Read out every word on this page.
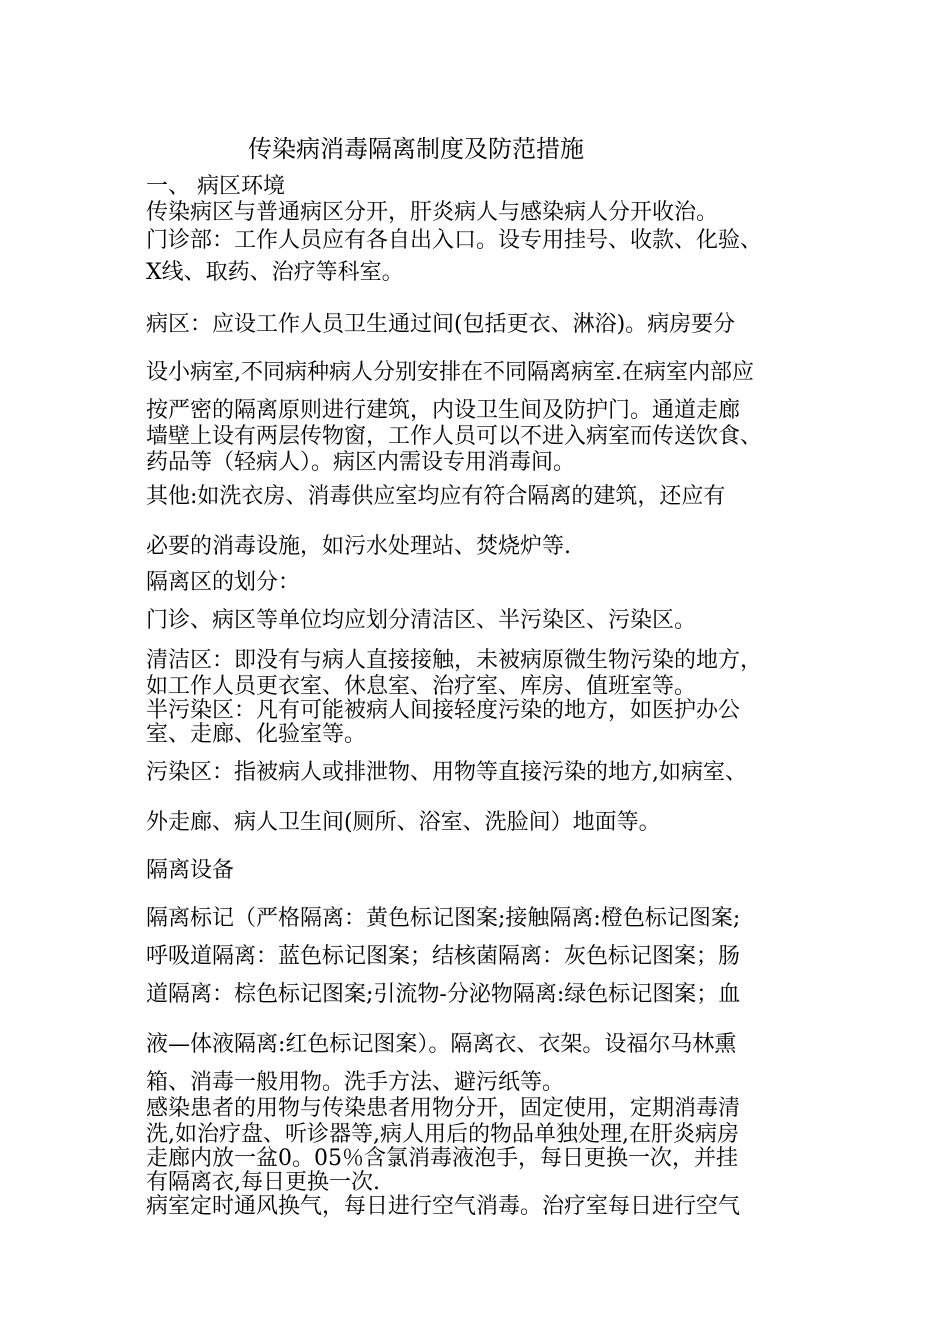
传染病消毒隔离制度及防范措施

一、 病区环境

传染病区与普通病区分开，肝炎病人与感染病人分开收治。

门诊部：工作人员应有各自出入口。设专用挂号、收款、化验、

X线、取药、治疗等科室。

病区：应设工作人员卫生通过间(包括更衣、淋浴)。病房要分

设小病室,不同病种病人分别安排在不同隔离病室.在病室内部应

按严密的隔离原则进行建筑，内设卫生间及防护门。通道走廊

墙壁上设有两层传物窗，工作人员可以不进入病室而传送饮食、

药品等（轻病人）。病区内需设专用消毒间。

其他:如洗衣房、消毒供应室均应有符合隔离的建筑，还应有

必要的消毒设施，如污水处理站、焚烧炉等.

隔离区的划分：

门诊、病区等单位均应划分清洁区、半污染区、污染区。

清洁区：即没有与病人直接接触，未被病原微生物污染的地方，

如工作人员更衣室、休息室、治疗室、库房、值班室等。

半污染区：凡有可能被病人间接轻度污染的地方，如医护办公

室、走廊、化验室等。

污染区：指被病人或排泄物、用物等直接污染的地方,如病室、

外走廊、病人卫生间(厕所、浴室、洗脸间）地面等。

隔离设备

隔离标记（严格隔离：黄色标记图案;接触隔离:橙色标记图案;

呼吸道隔离：蓝色标记图案；结核菌隔离：灰色标记图案；肠

道隔离：棕色标记图案;引流物-分泌物隔离:绿色标记图案；血

液—体液隔离:红色标记图案）。隔离衣、衣架。设福尔马林熏

箱、消毒一般用物。洗手方法、避污纸等。

感染患者的用物与传染患者用物分开，固定使用，定期消毒清

洗,如治疗盘、听诊器等,病人用后的物品单独处理,在肝炎病房

走廊内放一盆0。05％含氯消毒液泡手，每日更换一次，并挂

有隔离衣,每日更换一次.

病室定时通风换气，每日进行空气消毒。治疗室每日进行空气
